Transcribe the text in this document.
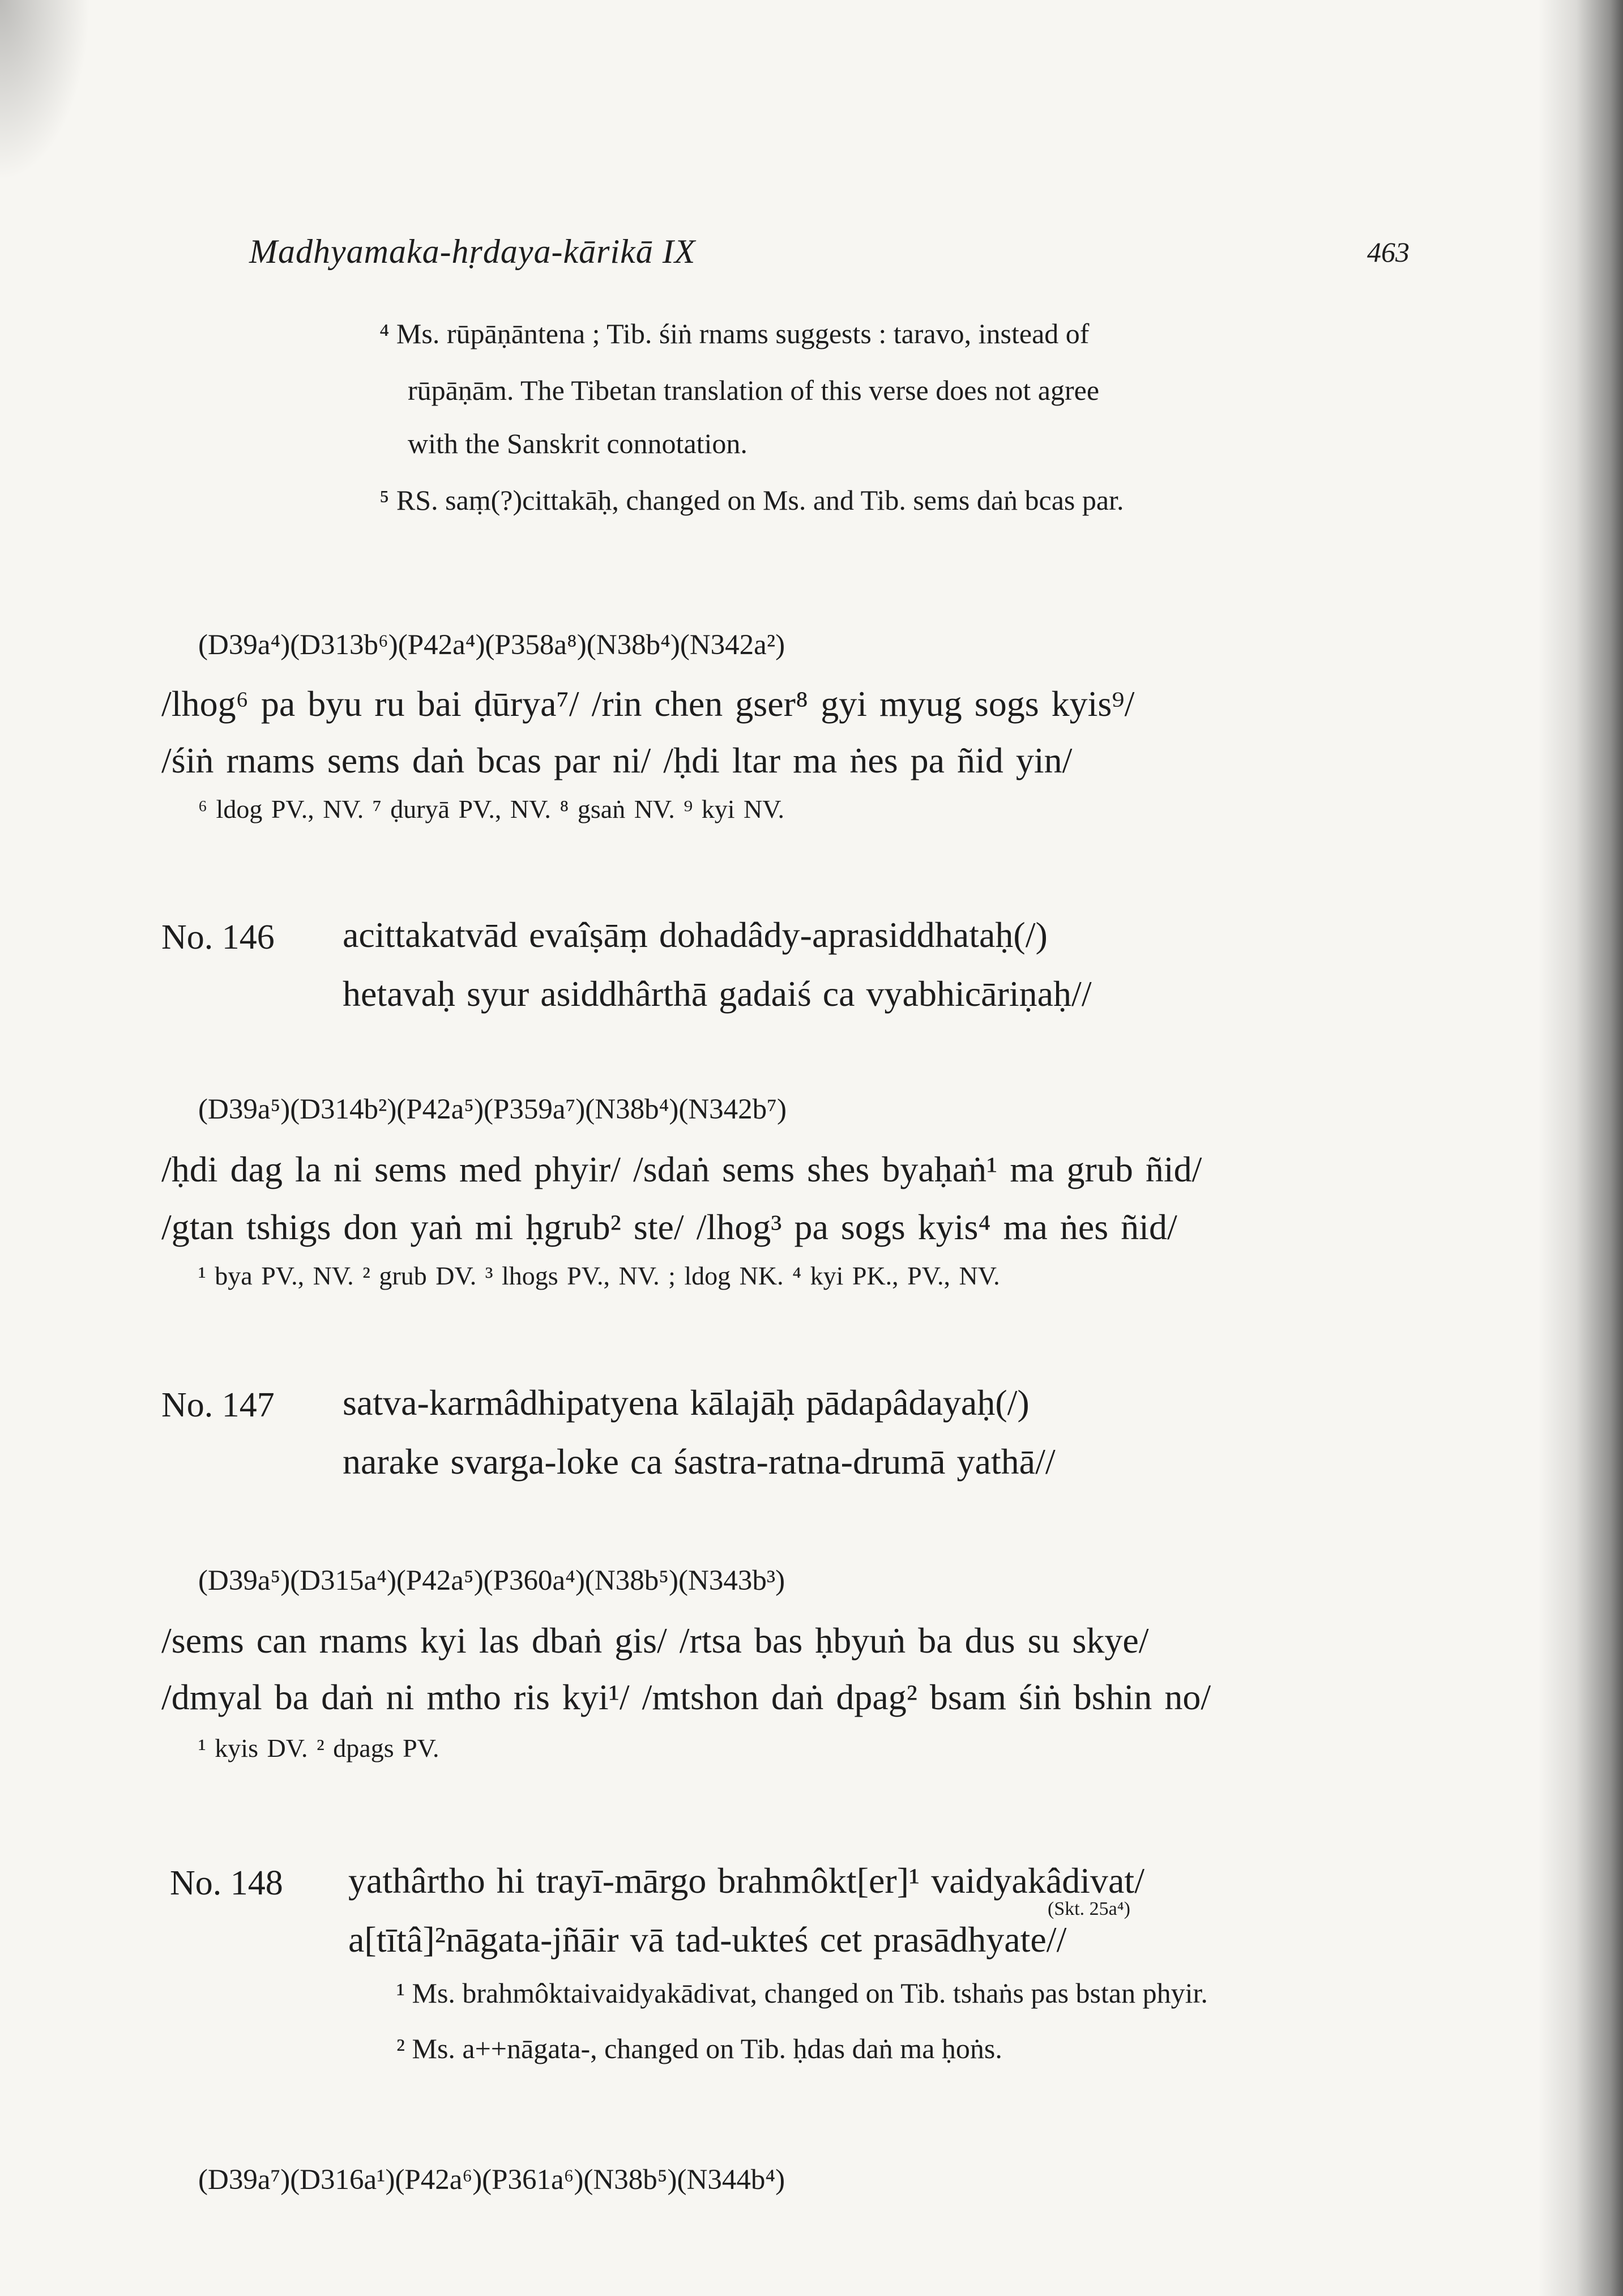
Madhyamaka-hṛdaya-kārikā IX	463
⁴ Ms. rūpāṇāntena ; Tib. śiṅ rnams suggests : taravo, instead of
rūpāṇām. The Tibetan translation of this verse does not agree
with the Sanskrit connotation.
⁵ RS. saṃ(?)cittakāḥ, changed on Ms. and Tib. sems daṅ bcas par.
(D39a⁴)(D313b⁶)(P42a⁴)(P358a⁸)(N38b⁴)(N342a²)
/lhog⁶ pa byu ru bai ḍūrya⁷/ /rin chen gser⁸ gyi myug sogs kyis⁹/
/śiṅ rnams sems daṅ bcas par ni/ /ḥdi ltar ma ṅes pa ñid yin/
⁶ ldog PV., NV. ⁷ ḍuryā PV., NV. ⁸ gsaṅ NV. ⁹ kyi NV.
No. 146 acittakatvād evaîṣāṃ dohadâdy-aprasiddhataḥ(/)
hetavaḥ syur asiddhârthā gadaiś ca vyabhicāriṇaḥ//
(D39a⁵)(D314b²)(P42a⁵)(P359a⁷)(N38b⁴)(N342b⁷)
/ḥdi dag la ni sems med phyir/ /sdaṅ sems shes byaḥaṅ¹ ma grub ñid/
/gtan tshigs don yaṅ mi ḥgrub² ste/ /lhog³ pa sogs kyis⁴ ma ṅes ñid/
¹ bya PV., NV. ² grub DV. ³ lhogs PV., NV. ; ldog NK. ⁴ kyi PK., PV., NV.
No. 147 satva-karmâdhipatyena kālajāḥ pādapâdayaḥ(/)
narake svarga-loke ca śastra-ratna-drumā yathā//
(D39a⁵)(D315a⁴)(P42a⁵)(P360a⁴)(N38b⁵)(N343b³)
/sems can rnams kyi las dbaṅ gis/ /rtsa bas ḥbyuṅ ba dus su skye/
/dmyal ba daṅ ni mtho ris kyi¹/ /mtshon daṅ dpag² bsam śiṅ bshin no/
¹ kyis DV. ² dpags PV.
No. 148 yathârtho hi trayī-mārgo brahmôkt[er]¹ vaidyakâdivat/
(Skt. 25a⁴)
a[tītâ]²nāgata-jñāir vā tad-ukteś cet prasādhyate//
¹ Ms. brahmôktaivaidyakādivat, changed on Tib. tshaṅs pas bstan phyir.
² Ms. a++nāgata-, changed on Tib. ḥdas daṅ ma ḥoṅs.
(D39a⁷)(D316a¹)(P42a⁶)(P361a⁶)(N38b⁵)(N344b⁴)
